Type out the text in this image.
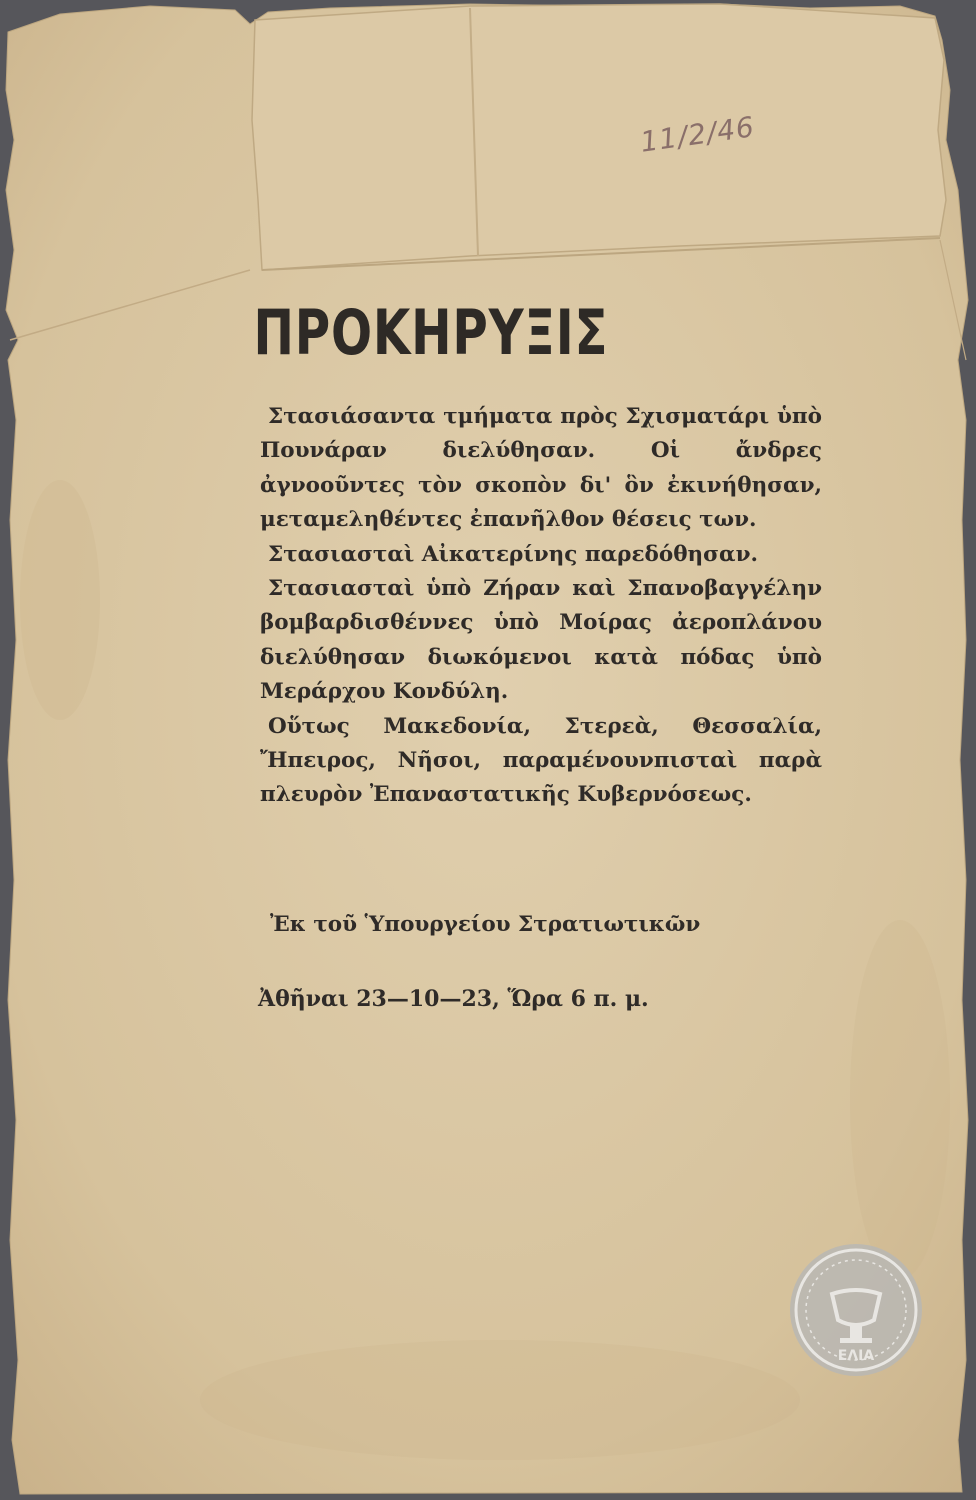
11/2/46
ΠΡΟΚΗΡΥΞΙΣ

Στασιάσαντα τμήματα πρὸς Σχισματάρι ὑπὸ Πουνάραν διελύθησαν. Οἱ ἄνδρες ἀγνοοῦντες τὸν σκοπὸν δι' ὃν ἐκινήθησαν, μεταμεληθέντες ἐπανῆλθον θέσεις των.

Στασιασταὶ Αἰκατερίνης παρεδόθησαν.

Στασιασταὶ ὑπὸ Ζήραν καὶ Σπανοβαγγέλην βομβαρδισθέννες ὑπὸ Μοίρας ἀεροπλάνου διελύθησαν διωκόμενοι κατὰ πόδας ὑπὸ Μεράρχου Κονδύλη.

Οὕτως Μακεδονία, Στερεὰ, Θεσσαλία, Ἤπειρος, Νῆσοι, παραμένουνπισταὶ παρὰ πλευρὸν Ἐπαναστατικῆς Κυβερνόσεως.

Ἐκ τοῦ Ὑπουργείου Στρατιωτικῶν
Ἀθῆναι 23—10—23, Ὥρα 6 π. μ.
ΕΛΙΑ
